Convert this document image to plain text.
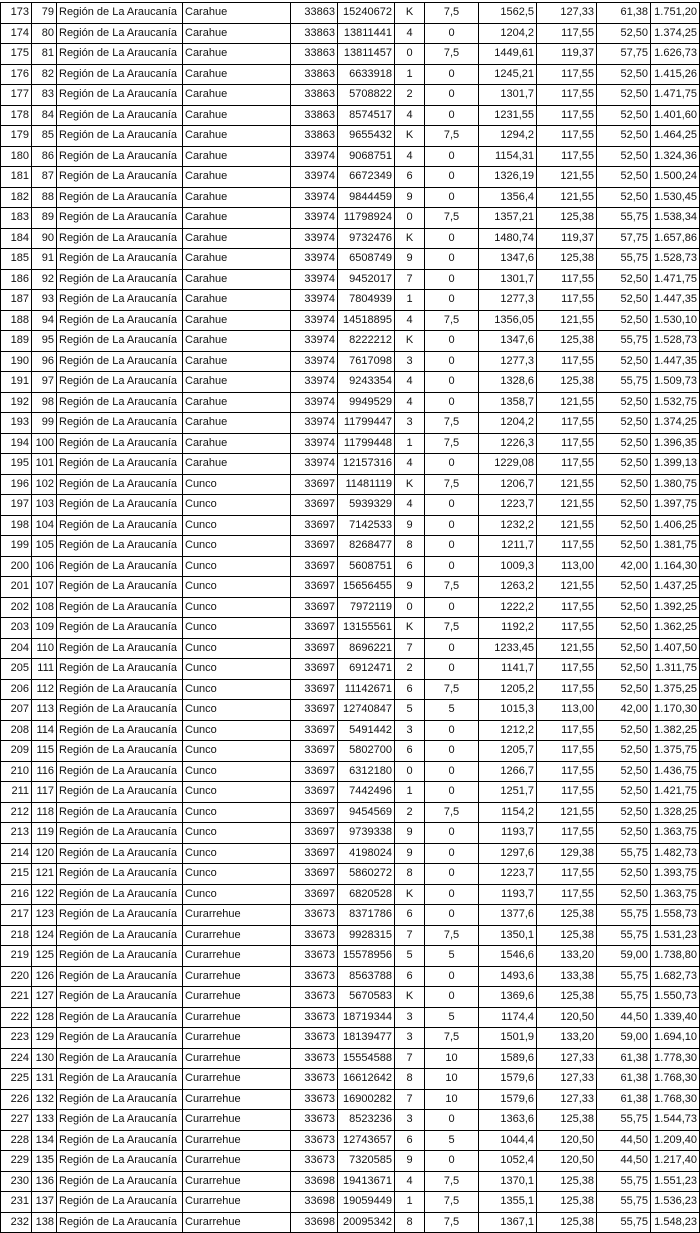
173	79	Región de La Araucanía	Carahue	33863	15240672	K	7,5	1562,5	127,33	61,38	1.751,20
174	80	Región de La Araucanía	Carahue	33863	13811441	4	0	1204,2	117,55	52,50	1.374,25
175	81	Región de La Araucanía	Carahue	33863	13811457	0	7,5	1449,61	119,37	57,75	1.626,73
176	82	Región de La Araucanía	Carahue	33863	6633918	1	0	1245,21	117,55	52,50	1.415,26
177	83	Región de La Araucanía	Carahue	33863	5708822	2	0	1301,7	117,55	52,50	1.471,75
178	84	Región de La Araucanía	Carahue	33863	8574517	4	0	1231,55	117,55	52,50	1.401,60
179	85	Región de La Araucanía	Carahue	33863	9655432	K	7,5	1294,2	117,55	52,50	1.464,25
180	86	Región de La Araucanía	Carahue	33974	9068751	4	0	1154,31	117,55	52,50	1.324,36
181	87	Región de La Araucanía	Carahue	33974	6672349	6	0	1326,19	121,55	52,50	1.500,24
182	88	Región de La Araucanía	Carahue	33974	9844459	9	0	1356,4	121,55	52,50	1.530,45
183	89	Región de La Araucanía	Carahue	33974	11798924	0	7,5	1357,21	125,38	55,75	1.538,34
184	90	Región de La Araucanía	Carahue	33974	9732476	K	0	1480,74	119,37	57,75	1.657,86
185	91	Región de La Araucanía	Carahue	33974	6508749	9	0	1347,6	125,38	55,75	1.528,73
186	92	Región de La Araucanía	Carahue	33974	9452017	7	0	1301,7	117,55	52,50	1.471,75
187	93	Región de La Araucanía	Carahue	33974	7804939	1	0	1277,3	117,55	52,50	1.447,35
188	94	Región de La Araucanía	Carahue	33974	14518895	4	7,5	1356,05	121,55	52,50	1.530,10
189	95	Región de La Araucanía	Carahue	33974	8222212	K	0	1347,6	125,38	55,75	1.528,73
190	96	Región de La Araucanía	Carahue	33974	7617098	3	0	1277,3	117,55	52,50	1.447,35
191	97	Región de La Araucanía	Carahue	33974	9243354	4	0	1328,6	125,38	55,75	1.509,73
192	98	Región de La Araucanía	Carahue	33974	9949529	4	0	1358,7	121,55	52,50	1.532,75
193	99	Región de La Araucanía	Carahue	33974	11799447	3	7,5	1204,2	117,55	52,50	1.374,25
194	100	Región de La Araucanía	Carahue	33974	11799448	1	7,5	1226,3	117,55	52,50	1.396,35
195	101	Región de La Araucanía	Carahue	33974	12157316	4	0	1229,08	117,55	52,50	1.399,13
196	102	Región de La Araucanía	Cunco	33697	11481119	K	7,5	1206,7	121,55	52,50	1.380,75
197	103	Región de La Araucanía	Cunco	33697	5939329	4	0	1223,7	121,55	52,50	1.397,75
198	104	Región de La Araucanía	Cunco	33697	7142533	9	0	1232,2	121,55	52,50	1.406,25
199	105	Región de La Araucanía	Cunco	33697	8268477	8	0	1211,7	117,55	52,50	1.381,75
200	106	Región de La Araucanía	Cunco	33697	5608751	6	0	1009,3	113,00	42,00	1.164,30
201	107	Región de La Araucanía	Cunco	33697	15656455	9	7,5	1263,2	121,55	52,50	1.437,25
202	108	Región de La Araucanía	Cunco	33697	7972119	0	0	1222,2	117,55	52,50	1.392,25
203	109	Región de La Araucanía	Cunco	33697	13155561	K	7,5	1192,2	117,55	52,50	1.362,25
204	110	Región de La Araucanía	Cunco	33697	8696221	7	0	1233,45	121,55	52,50	1.407,50
205	111	Región de La Araucanía	Cunco	33697	6912471	2	0	1141,7	117,55	52,50	1.311,75
206	112	Región de La Araucanía	Cunco	33697	11142671	6	7,5	1205,2	117,55	52,50	1.375,25
207	113	Región de La Araucanía	Cunco	33697	12740847	5	5	1015,3	113,00	42,00	1.170,30
208	114	Región de La Araucanía	Cunco	33697	5491442	3	0	1212,2	117,55	52,50	1.382,25
209	115	Región de La Araucanía	Cunco	33697	5802700	6	0	1205,7	117,55	52,50	1.375,75
210	116	Región de La Araucanía	Cunco	33697	6312180	0	0	1266,7	117,55	52,50	1.436,75
211	117	Región de La Araucanía	Cunco	33697	7442496	1	0	1251,7	117,55	52,50	1.421,75
212	118	Región de La Araucanía	Cunco	33697	9454569	2	7,5	1154,2	121,55	52,50	1.328,25
213	119	Región de La Araucanía	Cunco	33697	9739338	9	0	1193,7	117,55	52,50	1.363,75
214	120	Región de La Araucanía	Cunco	33697	4198024	9	0	1297,6	129,38	55,75	1.482,73
215	121	Región de La Araucanía	Cunco	33697	5860272	8	0	1223,7	117,55	52,50	1.393,75
216	122	Región de La Araucanía	Cunco	33697	6820528	K	0	1193,7	117,55	52,50	1.363,75
217	123	Región de La Araucanía	Curarrehue	33673	8371786	6	0	1377,6	125,38	55,75	1.558,73
218	124	Región de La Araucanía	Curarrehue	33673	9928315	7	7,5	1350,1	125,38	55,75	1.531,23
219	125	Región de La Araucanía	Curarrehue	33673	15578956	5	5	1546,6	133,20	59,00	1.738,80
220	126	Región de La Araucanía	Curarrehue	33673	8563788	6	0	1493,6	133,38	55,75	1.682,73
221	127	Región de La Araucanía	Curarrehue	33673	5670583	K	0	1369,6	125,38	55,75	1.550,73
222	128	Región de La Araucanía	Curarrehue	33673	18719344	3	5	1174,4	120,50	44,50	1.339,40
223	129	Región de La Araucanía	Curarrehue	33673	18139477	3	7,5	1501,9	133,20	59,00	1.694,10
224	130	Región de La Araucanía	Curarrehue	33673	15554588	7	10	1589,6	127,33	61,38	1.778,30
225	131	Región de La Araucanía	Curarrehue	33673	16612642	8	10	1579,6	127,33	61,38	1.768,30
226	132	Región de La Araucanía	Curarrehue	33673	16900282	7	10	1579,6	127,33	61,38	1.768,30
227	133	Región de La Araucanía	Curarrehue	33673	8523236	3	0	1363,6	125,38	55,75	1.544,73
228	134	Región de La Araucanía	Curarrehue	33673	12743657	6	5	1044,4	120,50	44,50	1.209,40
229	135	Región de La Araucanía	Curarrehue	33673	7320585	9	0	1052,4	120,50	44,50	1.217,40
230	136	Región de La Araucanía	Curarrehue	33698	19413671	4	7,5	1370,1	125,38	55,75	1.551,23
231	137	Región de La Araucanía	Curarrehue	33698	19059449	1	7,5	1355,1	125,38	55,75	1.536,23
232	138	Región de La Araucanía	Curarrehue	33698	20095342	8	7,5	1367,1	125,38	55,75	1.548,23
